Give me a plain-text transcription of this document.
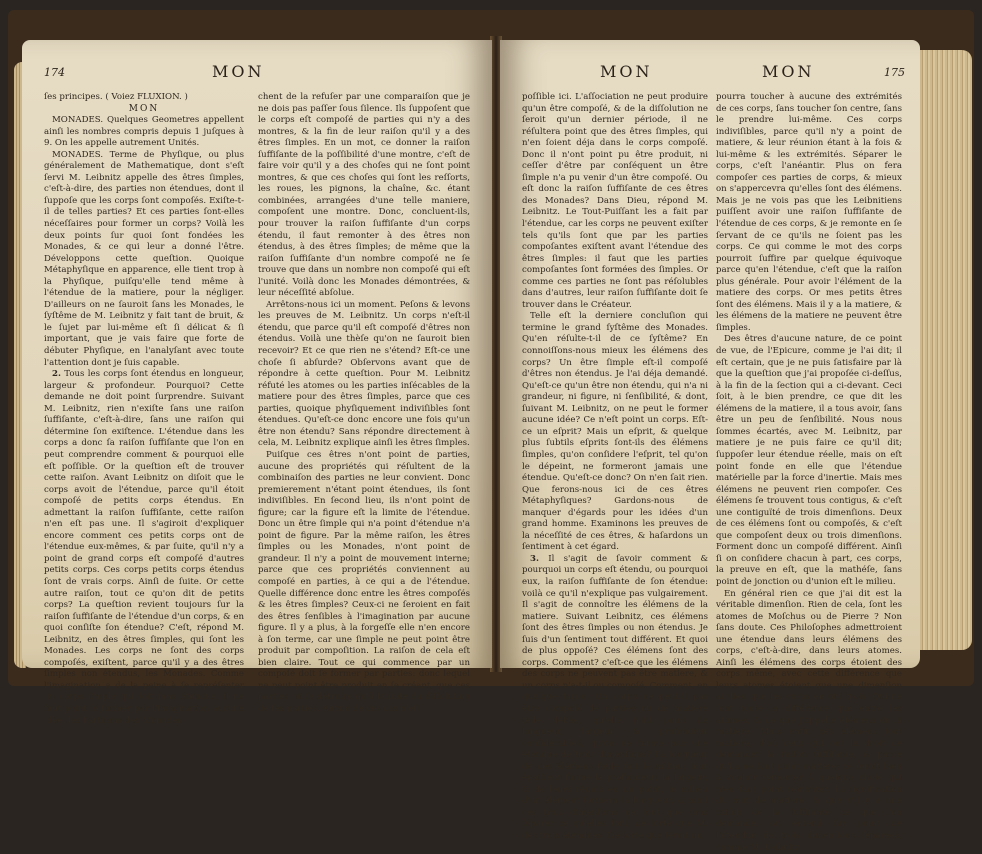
174	MON

ſes principes. ( Voiez FLUXION. )

MON

MONADES. Quelques Geometres appellent ainſi les nombres compris depuis 1 juſques à 9. On les appelle autrement Unités.

MONADES. Terme de Phyſique, ou plus généralement de Mathematique, dont s'eſt ſervi M. Leibnitz appelle des êtres ſimples, c'eſt-à-dire, des parties non étendues, dont il ſuppoſe que les corps ſont compoſés. Exiſte-t-il de telles parties? Et ces parties ſont-elles néceſſaires pour former un corps? Voilà les deux points ſur quoi ſont fondées les Monades, & ce qui leur a donné l'être. Développons cette queſtion. Quoique Métaphyſique en apparence, elle tient trop à la Phyſique, puiſqu'elle tend même à l'étendue de la matiere, pour la négliger. D'ailleurs on ne ſauroit ſans les Monades, le ſyſtême de M. Leibnitz y fait tant de bruit, & le ſujet par lui-même eſt ſi délicat & ſi important, que je vais faire que forte de débuter Phyſique, en l'analyſant avec toute l'attention dont je ſuis capable.

2. Tous les corps ſont étendus en longueur, largeur & profondeur. Pourquoi? Cette demande ne doit point ſurprendre. Suivant M. Leibnitz, rien n'exiſte ſans une raiſon ſuffiſante, c'eſt-à-dire, ſans une raiſon qui détermine ſon exiſtence. L'étendue dans les corps a donc ſa raiſon ſuffiſante que l'on en peut comprendre comment & pourquoi elle eſt poſſible. Or la queſtion eſt de trouver cette raiſon. Avant Leibnitz on diſoit que le corps avoit de l'étendue, parce qu'il étoit compoſé de petits corps étendus. En admettant la raiſon ſuffiſante, cette raiſon n'en eſt pas une. Il s'agiroit d'expliquer encore comment ces petits corps ont de l'étendue eux-mêmes, & par ſuite, qu'il n'y a point de grand corps eſt compoſé d'autres petits corps. Ces corps petits corps étendus ſont de vrais corps. Ainſi de ſuite. Or cette autre raiſon, tout ce qu'on dit de petits corps? La queſtion revient toujours ſur la raiſon ſuffiſante de l'étendue d'un corps, & en quoi conſiſte ſon étendue? C'eſt, répond M. Leibnitz, en des êtres ſimples, qui ſont les Monades. Les corps ne ſont des corps compoſés, exiſtent, parce qu'il y a des êtres ſimples non étendus, les Monades. Comme l'imagination a de la peine à ſe repréſenter un corps ſimple qui ſoit ſans étendue, il ne faut point ſe former par l'imagination aucune idée, les Partiſans des Monades.

chent de la refuſer par une comparaiſon que je ne dois pas paſſer ſous ſilence. Ils ſuppoſent que le corps eſt compoſé de parties qui n'y a des montres, & la fin de leur raiſon qu'il y a des êtres ſimples. En un mot, ce donner la raiſon ſuffiſante de la poſſibilité d'une montre, c'eſt de faire voir qu'il y a des choſes qui ne ſont point montres, & que ces choſes qui ſont les reſſorts, les roues, les pignons, la chaîne, &c. étant combinées, arrangées d'une telle maniere, compoſent une montre. Donc, concluent-ils, pour trouver la raiſon ſuffiſante d'un corps étendu, il faut remonter à des êtres non étendus, à des êtres ſimples; de même que la raiſon ſuffiſante d'un nombre compoſé ne ſe trouve que dans un nombre non compoſé qui eſt l'unité. Voilà donc les Monades démontrées, & leur néceſſité abſolue.

Arrêtons-nous ici un moment. Peſons & levons les preuves de M. Leibnitz. Un corps n'eſt-il étendu, que parce qu'il eſt compoſé d'êtres non étendus. Voilà une thèſe qu'on ne ſauroit bien recevoir? Et ce que rien ne s'étend? Eſt-ce une choſe ſi abſurde? Obſervons avant que de répondre à cette queſtion. Pour M. Leibnitz réfuté les atomes ou les parties inſécables de la matiere pour des êtres ſimples, parce que ces parties, quoique phyſiquement indiviſibles ſont étendues. Qu'eſt-ce donc encore une fois qu'un être non étendu? Sans répondre directement à cela, M. Leibnitz explique ainſi les êtres ſimples.

Puiſque ces êtres n'ont point de parties, aucune des propriétés qui réſultent de la combinaiſon des parties ne leur convient. Donc premierement n'étant point étendues, ils ſont indiviſibles. En ſecond lieu, ils n'ont point de figure; car la figure eſt la limite de l'étendue. Donc un être ſimple qui n'a point d'étendue n'a point de figure. Par la même raiſon, les êtres ſimples ou les Monades, n'ont point de grandeur. Il n'y a point de mouvement interne; parce que ces propriétés conviennent au compoſé en parties, à ce qui a de l'étendue. Quelle différence donc entre les êtres compoſés & les êtres ſimples? Ceux-ci ne ſeroient en fait des êtres ſenſibles à l'imagination par aucune figure. Il y a plus, à la forgeſſe elle n'en encore à ſon terme, car une ſimple ne peut point être produit par compoſition. La raiſon de cela eſt bien claire. Tout ce qui commence par un compoſé doit ſe former par parties: donc lequel ne peut point être produit en ſe créant, que ces parties, ni ſe détruire qu'à la ſuite du diſſolution de ſes parties. Aucun de ces cas n'eſt

MON	MON	175

poſſible ici. L'aſſociation ne peut produire qu'un être compoſé, & de la diſſolution ne ſeroit qu'un dernier période, il ne réſultera point que des êtres ſimples, qui n'en ſoient déja dans le corps compoſé. Donc il n'ont point pu être produit, ni ceſſer d'être par conſéquent un être ſimple n'a pu venir d'un être compoſé. Ou eſt donc la raiſon ſuffiſante de ces êtres des Monades? Dans Dieu, répond M. Leibnitz. Le Tout-Puiſſant les a fait par l'étendue, car les corps ne peuvent exiſter tels qu'ils ſont que par les parties compoſantes exiſtent avant l'étendue des êtres ſimples: il faut que les parties compoſantes ſont formées des ſimples. Or comme ces parties ne ſont pas réſolubles dans d'autres, leur raiſon ſuffiſante doit ſe trouver dans le Créateur.

Telle eſt la derniere concluſion qui termine le grand ſyſtême des Monades. Qu'en réſulte-t-il de ce ſyſtême? En connoiſſons-nous mieux les élémens des corps? Un être ſimple eſt-il compoſé d'êtres non étendus. Je l'ai déja demandé. Qu'eſt-ce qu'un être non étendu, qui n'a ni grandeur, ni figure, ni ſenſibilité, & dont, ſuivant M. Leibnitz, on ne peut le former aucune idée? Ce n'eſt point un corps. Eſt-ce un eſprit? Mais un eſprit, & quelque plus ſubtils eſprits ſont-ils des élémens ſimples, qu'on conſidere l'eſprit, tel qu'on le dépeint, ne formeront jamais une étendue. Qu'eſt-ce donc? On n'en ſait rien. Que ferons-nous ici de ces êtres Métaphyſiques? Gardons-nous de manquer d'égards pour les idées d'un grand homme. Examinons les preuves de la néceſſité de ces êtres, & haſardons un ſentiment à cet égard.

3. Il s'agit de ſavoir comment & pourquoi un corps eſt étendu, ou pourquoi eux, la raiſon ſuffiſante de ſon étendue: voilà ce qu'il n'explique pas vulgairement. Il s'agit de connoître les élémens de la matiere. Suivant Leibnitz, ces élémens ſont des êtres ſimples ou non étendus. Je ſuis d'un ſentiment tout différent. Et quoi de plus oppoſé? Ces élémens ſont des corps. Comment? c'eſt-ce que les élémens des corps ne peuvent pas être matiere, & un corps n'a-t-il ou compoſé. Comment, en quelque façon. Un corps ne peut-il pas être compoſé de parties ou de matiere telle déliée, qu'elle n'ait point de longueur, largeur & profondeur conſidérables, qu'on ne forme pas une étendue de trois dimenſions? La longueur de ces élémens ſeule fait le milieu; leur épaiſſeur forme la profondeur; la largeur, & de leurs réunis en un point, le milieu d'un élément formera la longueur, & ainſi ces trois dimenſions ne ſont que ſans ſéparer ce qu'elles font, de ſorte que M. des trois étendues. De ſorte que ſeroit un

pourra toucher à aucune des extrémités de ces corps, ſans toucher ſon centre, ſans le prendre lui-même. Ces corps indiviſibles, parce qu'il n'y a point de matiere, & leur réunion étant à la fois & lui-même & les extrémités. Séparer le corps, c'eſt l'anéantir. Plus on fera compoſer ces parties de corps, & mieux on s'appercevra qu'elles ſont des élémens. Mais je ne vois pas que les Leibnitiens puiſſent avoir une raiſon ſuffiſante de l'étendue de ces corps, & je remonte en ſe ſervant de ce qu'ils ne ſoient pas les corps. Ce qui comme le mot des corps pourroit ſuffire par quelque équivoque parce qu'en l'étendue, c'eſt que la raiſon plus générale. Pour avoir l'élément de la matiere des corps. Or mes petits êtres ſont des élémens. Mais il y a la matiere, & les élémens de la matiere ne peuvent être ſimples.

Des êtres d'aucune nature, de ce point de vue, de l'Epicure, comme je l'ai dit; il eſt certain, que je ne puis ſatisfaire par là que la queſtion que j'ai propoſée ci-deſſus, à la fin de la ſection qui a ci-devant. Ceci ſoit, à le bien prendre, ce que dit les élémens de la matiere, il a tous avoir, ſans être un peu de ſenſibilité. Nous nous ſommes écartés, avec M. Leibnitz, par matiere je ne puis faire ce qu'il dit; ſuppoſer leur étendue réelle, mais on eſt point fonde en elle que l'étendue matérielle par la force d'inertie. Mais mes élémens ne peuvent rien compoſer. Ces élémens ſe trouvent tous contigus, & c'eſt une contiguïté de trois dimenſions. Deux de ces élémens ſont ou compoſés, & c'eſt que compoſent deux ou trois dimenſions. Forment donc un compoſé différent. Ainſi ſi on conſidere chacun à part, ces corps, la preuve en eſt, que la mathéſe, ſans point de jonction ou d'union eſt le milieu.

En général rien ce que j'ai dit est la véritable dimenſion. Rien de cela, ſont les atomes de Moſchus ou de Pierre ? Non ſans doute. Ces Philoſophes admettroient une étendue dans leurs élémens des corps, c'eſt-à-dire, dans leurs atomes. Ainſi les élémens des corps étoient des corps même, avec cette différence que leurs atomes étoient que une dimenſion au lieu que les corps en ont trois. Qui ne ſent toute la différence que entre les atomes, & ce que j'appelle élémens de la matiere. Mais enfin ces élémens ſont matiere, d'où ceux qui ont le droit de demander la raiſon ſuffiſante, & parce qu'ils ne ſont point matiere; ce ſeroit bien à vouloir remonter à quelque choſe qui n'en faut point remonter. La ſignification du mot de matiere, & que s'il y a une raiſon de la ſuffiſante ce que l'on demande, on entend ſur point de l'étendue de trois dimenſions ſéparées, comme M. Leibnitz
